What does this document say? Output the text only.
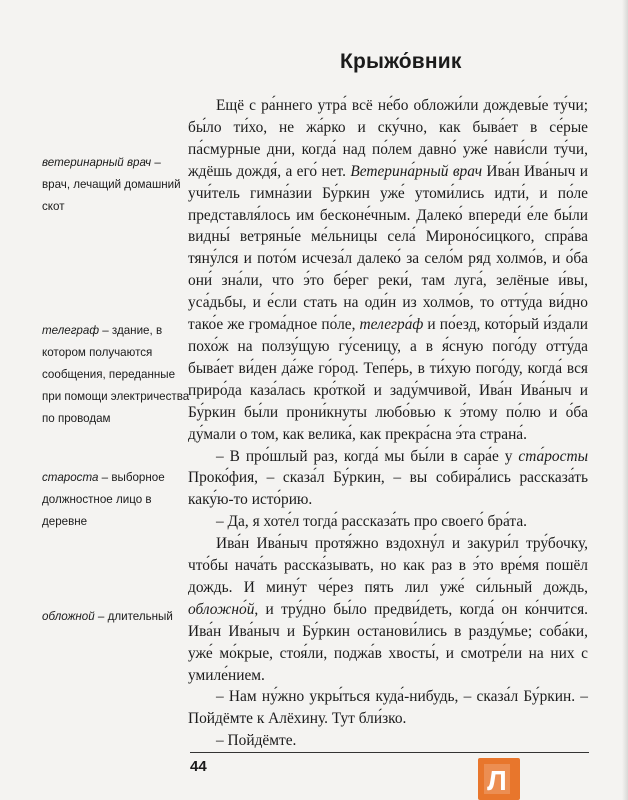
Крыжо́вник

Ещё с ра́ннего утра́ всё не́бо обложи́ли дождевы́е ту́чи; бы́ло ти́хо, не жа́рко и ску́чно, как быва́ет в се́рые па́смурные дни, когда́ над по́лем давно́ уже́ нави́сли ту́чи, ждёшь дождя́, а его́ нет. Ветерина́рный врач Ива́н Ива́ныч и учи́тель гимна́зии Бу́ркин уже́ утоми́лись идти́, и по́ле представля́лось им бесконе́чным. Далеко́ впереди́ е́ле бы́ли видны́ ветряны́е ме́льницы села́ Мироно́сицкого, спра́ва тяну́лся и пото́м исчеза́л далеко́ за село́м ряд холмо́в, и о́ба они́ зна́ли, что э́то бе́рег реки́, там луга́, зелёные и́вы, уса́дьбы, и е́сли стать на оди́н из холмо́в, то отту́да ви́дно тако́е же грома́дное по́ле, телегра́ф и по́езд, кото́рый и́здали похо́ж на ползу́щую гу́сеницу, а в я́сную пого́ду отту́да быва́ет ви́ден да́же го́род. Тепе́рь, в ти́хую пого́ду, когда́ вся приро́да каза́лась кро́ткой и заду́мчивой, Ива́н Ива́ныч и Бу́ркин бы́ли прони́кнуты любо́вью к э́тому по́лю и о́ба ду́мали о том, как велика́, как прекра́сна э́та страна́.

– В про́шлый раз, когда́ мы бы́ли в сара́е у ста́росты Проко́фия, – сказа́л Бу́ркин, – вы собира́лись рассказа́ть каку́ю-то исто́рию.

– Да, я хоте́л тогда́ рассказа́ть про своего́ бра́та.

Ива́н Ива́ныч протя́жно вздохну́л и закури́л тру́бочку, что́бы нача́ть расска́зывать, но как раз в э́то вре́мя пошёл дождь. И мину́т че́рез пять лил уже́ си́льный дождь, обложно́й, и тру́дно бы́ло предви́деть, когда́ он ко́нчится. Ива́н Ива́ныч и Бу́ркин останови́лись в разду́мье; соба́ки, уже́ мо́крые, стоя́ли, поджа́в хвосты́, и смотре́ли на них с умиле́нием.

– Нам ну́жно укры́ться куда́-нибудь, – сказа́л Бу́ркин. – Пойдёмте к Алёхину. Тут бли́зко.

– Пойдёмте.

ветеринарный врач – врач, лечащий домашний скот
телеграф – здание, в котором получаются сообщения, переданные при помощи электричества по проводам
староста – выборное должностное лицо в деревне
обложной – длительный
44	Л
